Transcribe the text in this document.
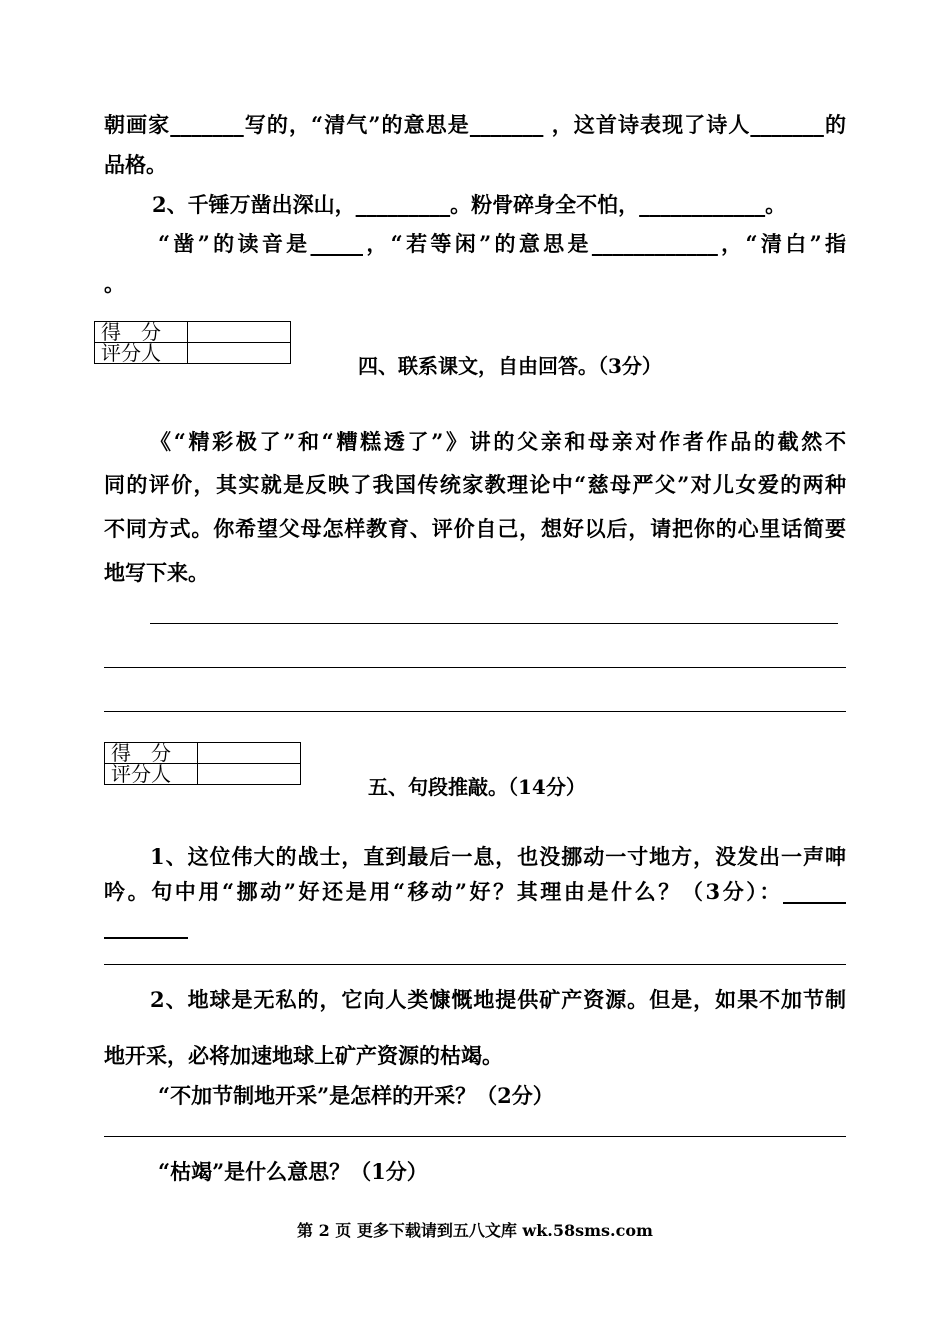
朝画家_______写的，“清气”的意思是_______ ，这首诗表现了诗人_______的
品格。
2、千锤万凿出深山，_________。粉骨碎身全不怕，____________。
“凿”的读音是_____，“若等闲”的意思是____________，“清白”指
。
得　分	
评分人	
四、联系课文，自由回答。（3分）
《“精彩极了”和“糟糕透了”》讲的父亲和母亲对作者作品的截然不
同的评价，其实就是反映了我国传统家教理论中“慈母严父”对儿女爱的两种
不同方式。你希望父母怎样教育、评价自己，想好以后，请把你的心里话简要
地写下来。
得　分	
评分人	
五、句段推敲。（14分）
1、这位伟大的战士，直到最后一息，也没挪动一寸地方，没发出一声呻
吟。句中用“挪动”好还是用“移动”好？其理由是什么？（3分）：______
________
2、地球是无私的，它向人类慷慨地提供矿产资源。但是，如果不加节制
地开采，必将加速地球上矿产资源的枯竭。
“不加节制地开采”是怎样的开采？（2分）
“枯竭”是什么意思？（1分）
第 2 页 更多下载请到五八文库 wk.58sms.com
